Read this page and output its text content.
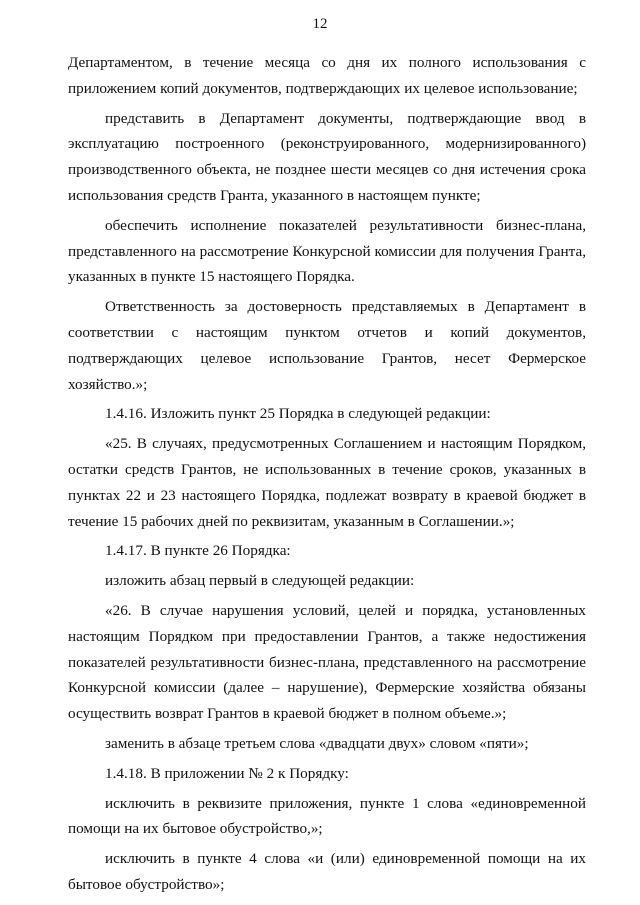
12

Департаментом, в течение месяца со дня их полного использования с приложением копий документов, подтверждающих их целевое использование;

представить в Департамент документы, подтверждающие ввод в эксплуатацию построенного (реконструированного, модернизированного) производственного объекта, не позднее шести месяцев со дня истечения срока использования средств Гранта, указанного в настоящем пункте;

обеспечить исполнение показателей результативности бизнес-плана, представленного на рассмотрение Конкурсной комиссии для получения Гранта, указанных в пункте 15 настоящего Порядка.

Ответственность за достоверность представляемых в Департамент в соответствии с настоящим пунктом отчетов и копий документов, подтверждающих целевое использование Грантов, несет Фермерское хозяйство.»;

1.4.16. Изложить пункт 25 Порядка в следующей редакции:

«25. В случаях, предусмотренных Соглашением и настоящим Порядком, остатки средств Грантов, не использованных в течение сроков, указанных в пунктах 22 и 23 настоящего Порядка, подлежат возврату в краевой бюджет в течение 15 рабочих дней по реквизитам, указанным в Соглашении.»;

1.4.17. В пункте 26 Порядка:

изложить абзац первый в следующей редакции:

«26. В случае нарушения условий, целей и порядка, установленных настоящим Порядком при предоставлении Грантов, а также недостижения показателей результативности бизнес-плана, представленного на рассмотрение Конкурсной комиссии (далее – нарушение), Фермерские хозяйства обязаны осуществить возврат Грантов в краевой бюджет в полном объеме.»;

заменить в абзаце третьем слова «двадцати двух» словом «пяти»;

1.4.18. В приложении № 2 к Порядку:

исключить в реквизите приложения, пункте 1 слова «единовременной помощи на их бытовое обустройство,»;

исключить в пункте 4 слова «и (или) единовременной помощи на их бытовое обустройство»;
